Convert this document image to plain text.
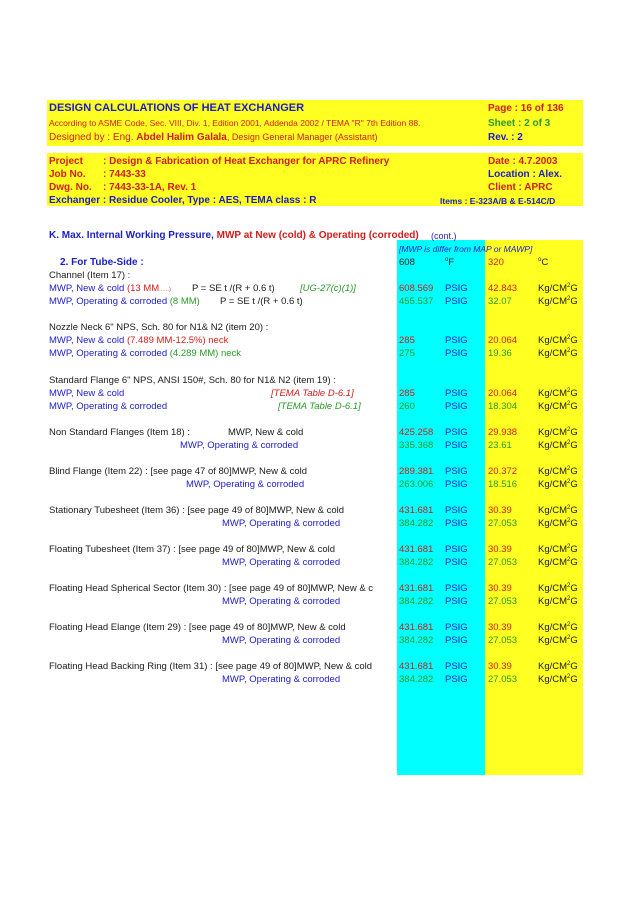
DESIGN CALCULATIONS OF HEAT EXCHANGER	Page : 16 of 136
According to ASME Code, Sec. VIII, Div. 1, Edition 2001, Addenda 2002 / TEMA "R" 7th Edition 88.	Sheet : 2 of 3
Designed by : Eng. Abdel Halim Galala, Design General Manager (Assistant)	Rev. : 2
Project : Design & Fabrication of Heat Exchanger for APRC Refinery	Date : 4.7.2003
Job No. : 7443-33	Location : Alex.
Dwg. No. : 7443-33-1A, Rev. 1	Client : APRC
Exchanger : Residue Cooler, Type : AES, TEMA class : R	Items : E-323A/B & E-514C/D
K. Max. Internal Working Pressure, MWP at New (cold) & Operating (corroded) (cont.)
[MWP is differ from MAP or MAWP]
2. For Tube-Side :	608	$^o$F	320	$^o$C
Channel (Item 17) :
MWP, New & cold (13 MM……) P = SE t /(R + 0.6 t)	[UG-27(c)(1)]	608.569 PSIG 42.843 $Kg/CM^2G$
MWP, Operating & corroded (8 MM) P = SE t /(R + 0.6 t)	455.537 PSIG 32.07	$Kg/CM^2G$
Nozzle Neck 6" NPS, Sch. 80 for N1& N2 (item 20) :
MWP, New & cold (7.489 MM-12.5%) neck	285	PSIG 20.064 $Kg/CM^2G$
MWP, Operating & corroded (4.289 MM) neck	275	PSIG 19.36	$Kg/CM^2G$
Standard Flange 6" NPS, ANSI 150#, Sch. 80 for N1& N2 (item 19) :
MWP, New & cold	[TEMA Table D-6.1]	285	PSIG 20.064 $Kg/CM^2G$
MWP, Operating & corroded	[TEMA Table D-6.1]	260	PSIG 18.304 $Kg/CM^2G$
Non Standard Flanges (Item 18) :	MWP, New & cold	425.258 PSIG 29.938 $Kg/CM^2G$
MWP, Operating & corroded	335.368 PSIG 23.61	$Kg/CM^2G$
Blind Flange (Item 22) : [see page 47 of 80]MWP, New & cold	289.381 PSIG 20.372 $Kg/CM^2G$
MWP, Operating & corroded	263.006 PSIG 18.516 $Kg/CM^2G$
Stationary Tubesheet (Item 36) : [see page 49 of 80]MWP, New & cold	431.681 PSIG 30.39	$Kg/CM^2G$
MWP, Operating & corroded	384.282 PSIG 27.053 $Kg/CM^2G$
Floating Tubesheet (Item 37) : [see page 49 of 80]MWP, New & cold	431.681 PSIG 30.39	$Kg/CM^2G$
MWP, Operating & corroded	384.282 PSIG 27.053 $Kg/CM^2G$
Floating Head Spherical Sector (Item 30) : [see page 49 of 80]MWP, New & c	431.681 PSIG 30.39	$Kg/CM^2G$
MWP, Operating & corroded	384.282 PSIG 27.053 $Kg/CM^2G$
Floating Head Elange (Item 29) : [see page 49 of 80]MWP, New & cold	431.681 PSIG 30.39	$Kg/CM^2G$
MWP, Operating & corroded	384.282 PSIG 27.053 $Kg/CM^2G$
Floating Head Backing Ring (Item 31) : [see page 49 of 80]MWP, New & cold	431.681 PSIG 30.39	$Kg/CM^2G$
MWP, Operating & corroded	384.282 PSIG 27.053 $Kg/CM^2G$
